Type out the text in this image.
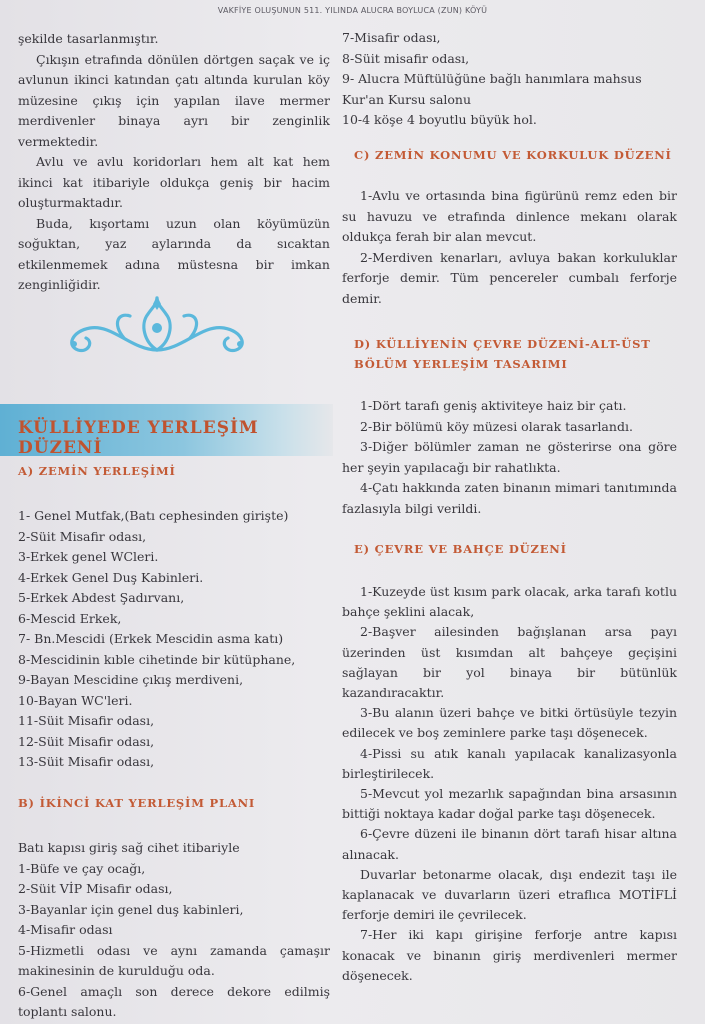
VAKFİYE OLUŞUNUN 511. YILINDA ALUCRA BOYLUCA (ZUN) KÖYÜ

şekilde tasarlanmıştır.

Çıkışın etrafında dönülen dörtgen saçak ve iç avlunun ikinci katından çatı altında kurulan köy müzesine çıkış için yapılan ilave mermer merdivenler binaya ayrı bir zenginlik vermektedir.

Avlu ve avlu koridorları hem alt kat hem ikinci kat itibariyle oldukça geniş bir hacim oluşturmaktadır.

Buda, kışortamı uzun olan köyümüzün soğuktan, yaz aylarında da sıcaktan etkilenmemek adına müstesna bir imkan zenginliğidir.

KÜLLİYEDE YERLEŞİM DÜZENİ
A) ZEMİN YERLEŞİMİ

1- Genel Mutfak,(Batı cephesinden girişte)

2-Süit Misafir odası,

3-Erkek genel WCleri.

4-Erkek Genel Duş Kabinleri.

5-Erkek Abdest Şadırvanı,

6-Mescid Erkek,

7- Bn.Mescidi (Erkek Mescidin asma katı)

8-Mescidinin kıble cihetinde bir kütüphane,

9-Bayan Mescidine çıkış merdiveni,

10-Bayan WC'leri.

11-Süit Misafir odası,

12-Süit Misafir odası,

13-Süit Misafir odası,

B) İKİNCİ KAT YERLEŞİM PLANI

Batı kapısı giriş sağ cihet itibariyle

1-Büfe ve çay ocağı,

2-Süit VİP Misafir odası,

3-Bayanlar için genel duş kabinleri,

4-Misafir odası

5-Hizmetli odası ve aynı zamanda çamaşır makinesinin de kurulduğu oda.

6-Genel amaçlı son derece dekore edilmiş toplantı salonu.

7-Misafir odası,

8-Süit misafir odası,

9- Alucra Müftülüğüne bağlı hanımlara mahsus Kur'an Kursu salonu

10-4 köşe 4 boyutlu büyük hol.

C) ZEMİN KONUMU VE KORKULUK DÜZENİ

1-Avlu ve ortasında bina figürünü remz eden bir su havuzu ve etrafında dinlence mekanı olarak oldukça ferah bir alan mevcut.

2-Merdiven kenarları, avluya bakan korkuluklar ferforje demir. Tüm pencereler cumbalı ferforje demir.

D) KÜLLİYENİN ÇEVRE DÜZENİ-ALT-ÜST BÖLÜM YERLEŞİM TASARIMI

1-Dört tarafı geniş aktiviteye haiz bir çatı.

2-Bir bölümü köy müzesi olarak tasarlandı.

3-Diğer bölümler zaman ne gösterirse ona göre her şeyin yapılacağı bir rahatlıkta.

4-Çatı hakkında zaten binanın mimari tanıtımında fazlasıyla bilgi verildi.

E) ÇEVRE VE BAHÇE DÜZENİ

1-Kuzeyde üst kısım park olacak, arka tarafı kotlu bahçe şeklini alacak,

2-Başver ailesinden bağışlanan arsa payı üzerinden üst kısımdan alt bahçeye geçişini sağlayan bir yol binaya bir bütünlük kazandıracaktır.

3-Bu alanın üzeri bahçe ve bitki örtüsüyle tezyin edilecek ve boş zeminlere parke taşı döşenecek.

4-Pissi su atık kanalı yapılacak kanalizasyonla birleştirilecek.

5-Mevcut yol mezarlık sapağından bina arsasının bittiği noktaya kadar doğal parke taşı döşenecek.

6-Çevre düzeni ile binanın dört tarafı hisar altına alınacak.

Duvarlar betonarme olacak, dışı endezit taşı ile kaplanacak ve duvarların üzeri etraflıca MOTİFLİ ferforje demiri ile çevrilecek.

7-Her iki kapı girişine ferforje antre kapısı konacak ve binanın giriş merdivenleri mermer döşenecek.
